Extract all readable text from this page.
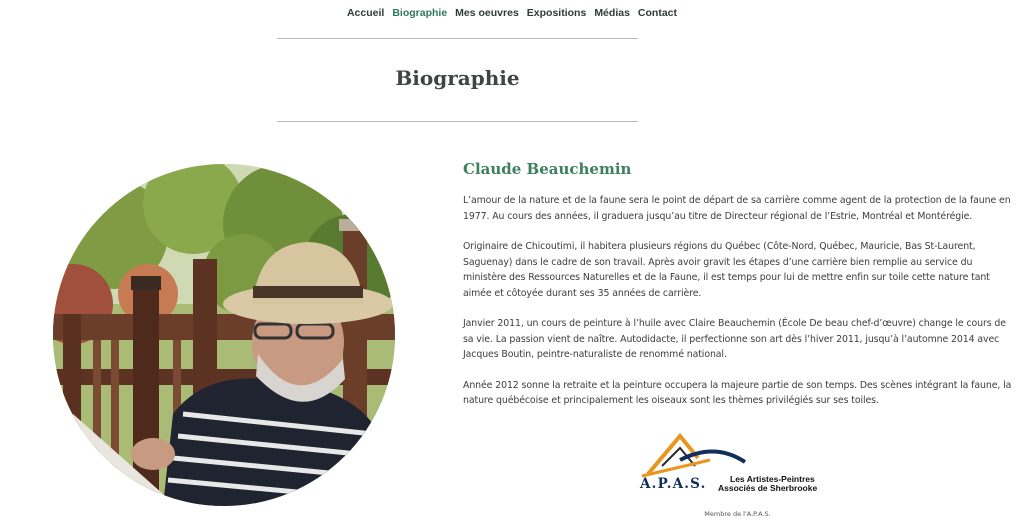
Accueil Biographie Mes oeuvres Expositions Médias Contact
Biographie
Claude Beauchemin

L’amour de la nature et de la faune sera le point de départ de sa carrière comme agent de la protection de la faune en 1977. Au cours des années, il graduera jusqu’au titre de Directeur régional de l’Estrie, Montréal et Montérégie.

Originaire de Chicoutimi, il habitera plusieurs régions du Québec (Côte-Nord, Québec, Mauricie, Bas St-Laurent, Saguenay) dans le cadre de son travail. Après avoir gravit les étapes d’une carrière bien remplie au service du ministère des Ressources Naturelles et de la Faune, il est temps pour lui de mettre enfin sur toile cette nature tant aimée et côtoyée durant ses 35 années de carrière.

Janvier 2011, un cours de peinture à l’huile avec Claire Beauchemin (École De beau chef-d’œuvre) change le cours de sa vie. La passion vient de naître. Autodidacte, il perfectionne son art dès l’hiver 2011, jusqu’à l’automne 2014 avec Jacques Boutin, peintre-naturaliste de renommé national.

Année 2012 sonne la retraite et la peinture occupera la majeure partie de son temps. Des scènes intégrant la faune, la nature québécoise et principalement les oiseaux sont les thèmes privilégiés sur ses toiles.

A.P.A.S.	Les Artistes-Peintres
Associés de Sherbrooke
Membre de l'A.P.A.S.
